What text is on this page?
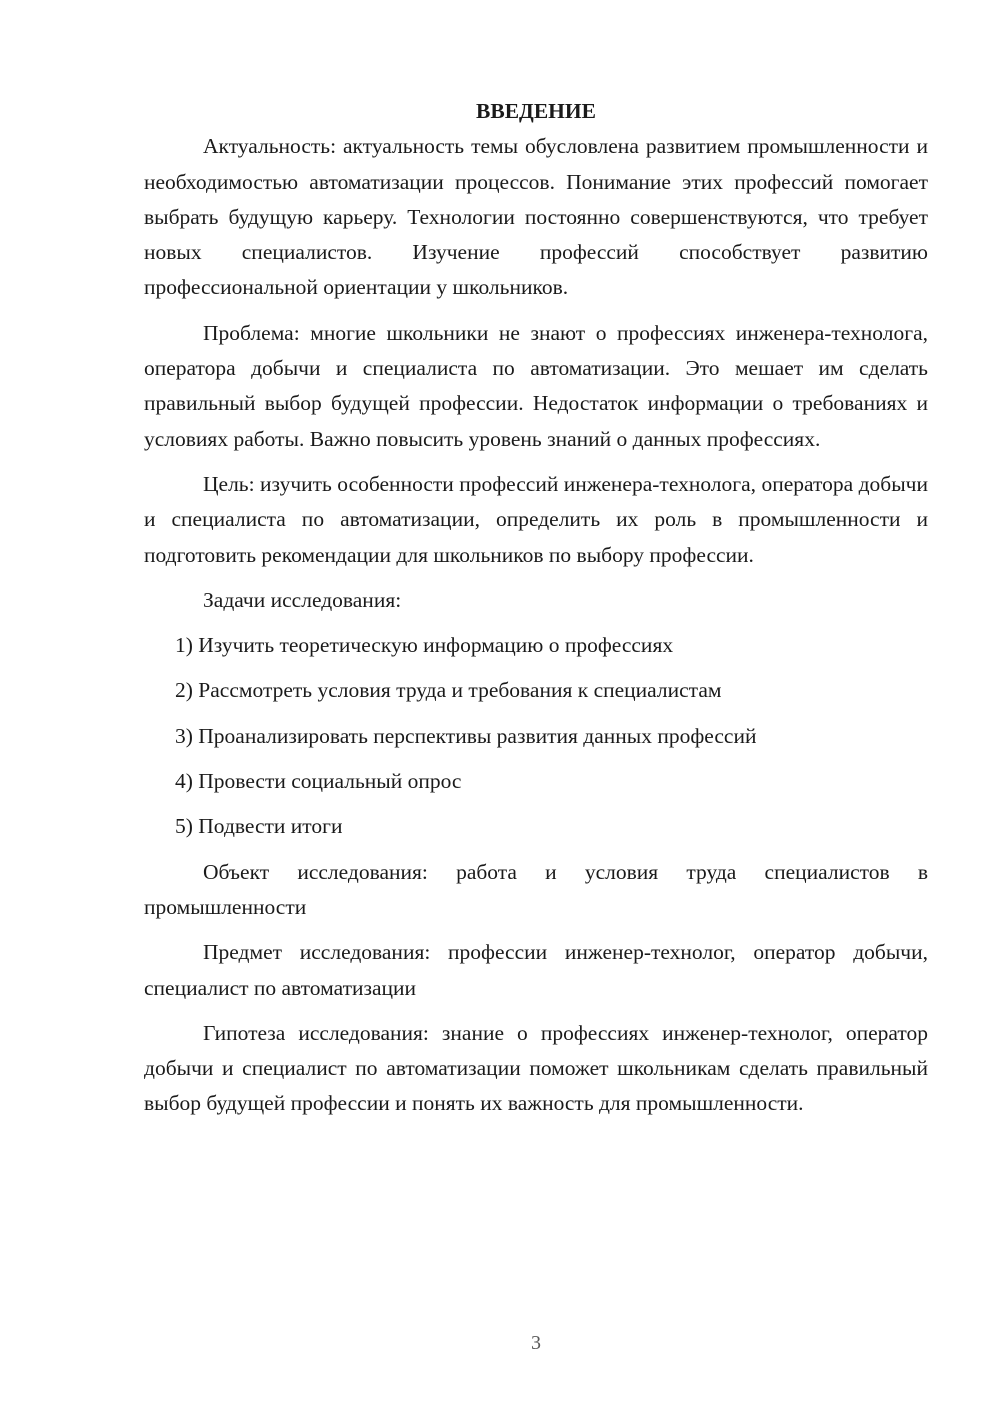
ВВЕДЕНИЕ

Актуальность: актуальность темы обусловлена развитием промышленности и необходимостью автоматизации процессов. Понимание этих профессий помогает выбрать будущую карьеру. Технологии постоянно совершенствуются, что требует новых специалистов. Изучение профессий способствует развитию профессиональной ориентации у школьников.

Проблема: многие школьники не знают о профессиях инженера-технолога, оператора добычи и специалиста по автоматизации. Это мешает им сделать правильный выбор будущей профессии. Недостаток информации о требованиях и условиях работы. Важно повысить уровень знаний о данных профессиях.

Цель: изучить особенности профессий инженера-технолога, оператора добычи и специалиста по автоматизации, определить их роль в промышленности и подготовить рекомендации для школьников по выбору профессии.

Задачи исследования:

1) Изучить теоретическую информацию о профессиях

2) Рассмотреть условия труда и требования к специалистам

3) Проанализировать перспективы развития данных профессий

4) Провести социальный опрос

5) Подвести итоги

Объект исследования: работа и условия труда специалистов в промышленности

Предмет исследования: профессии инженер-технолог, оператор добычи, специалист по автоматизации

Гипотеза исследования: знание о профессиях инженер-технолог, оператор добычи и специалист по автоматизации поможет школьникам сделать правильный выбор будущей профессии и понять их важность для промышленности.

3
